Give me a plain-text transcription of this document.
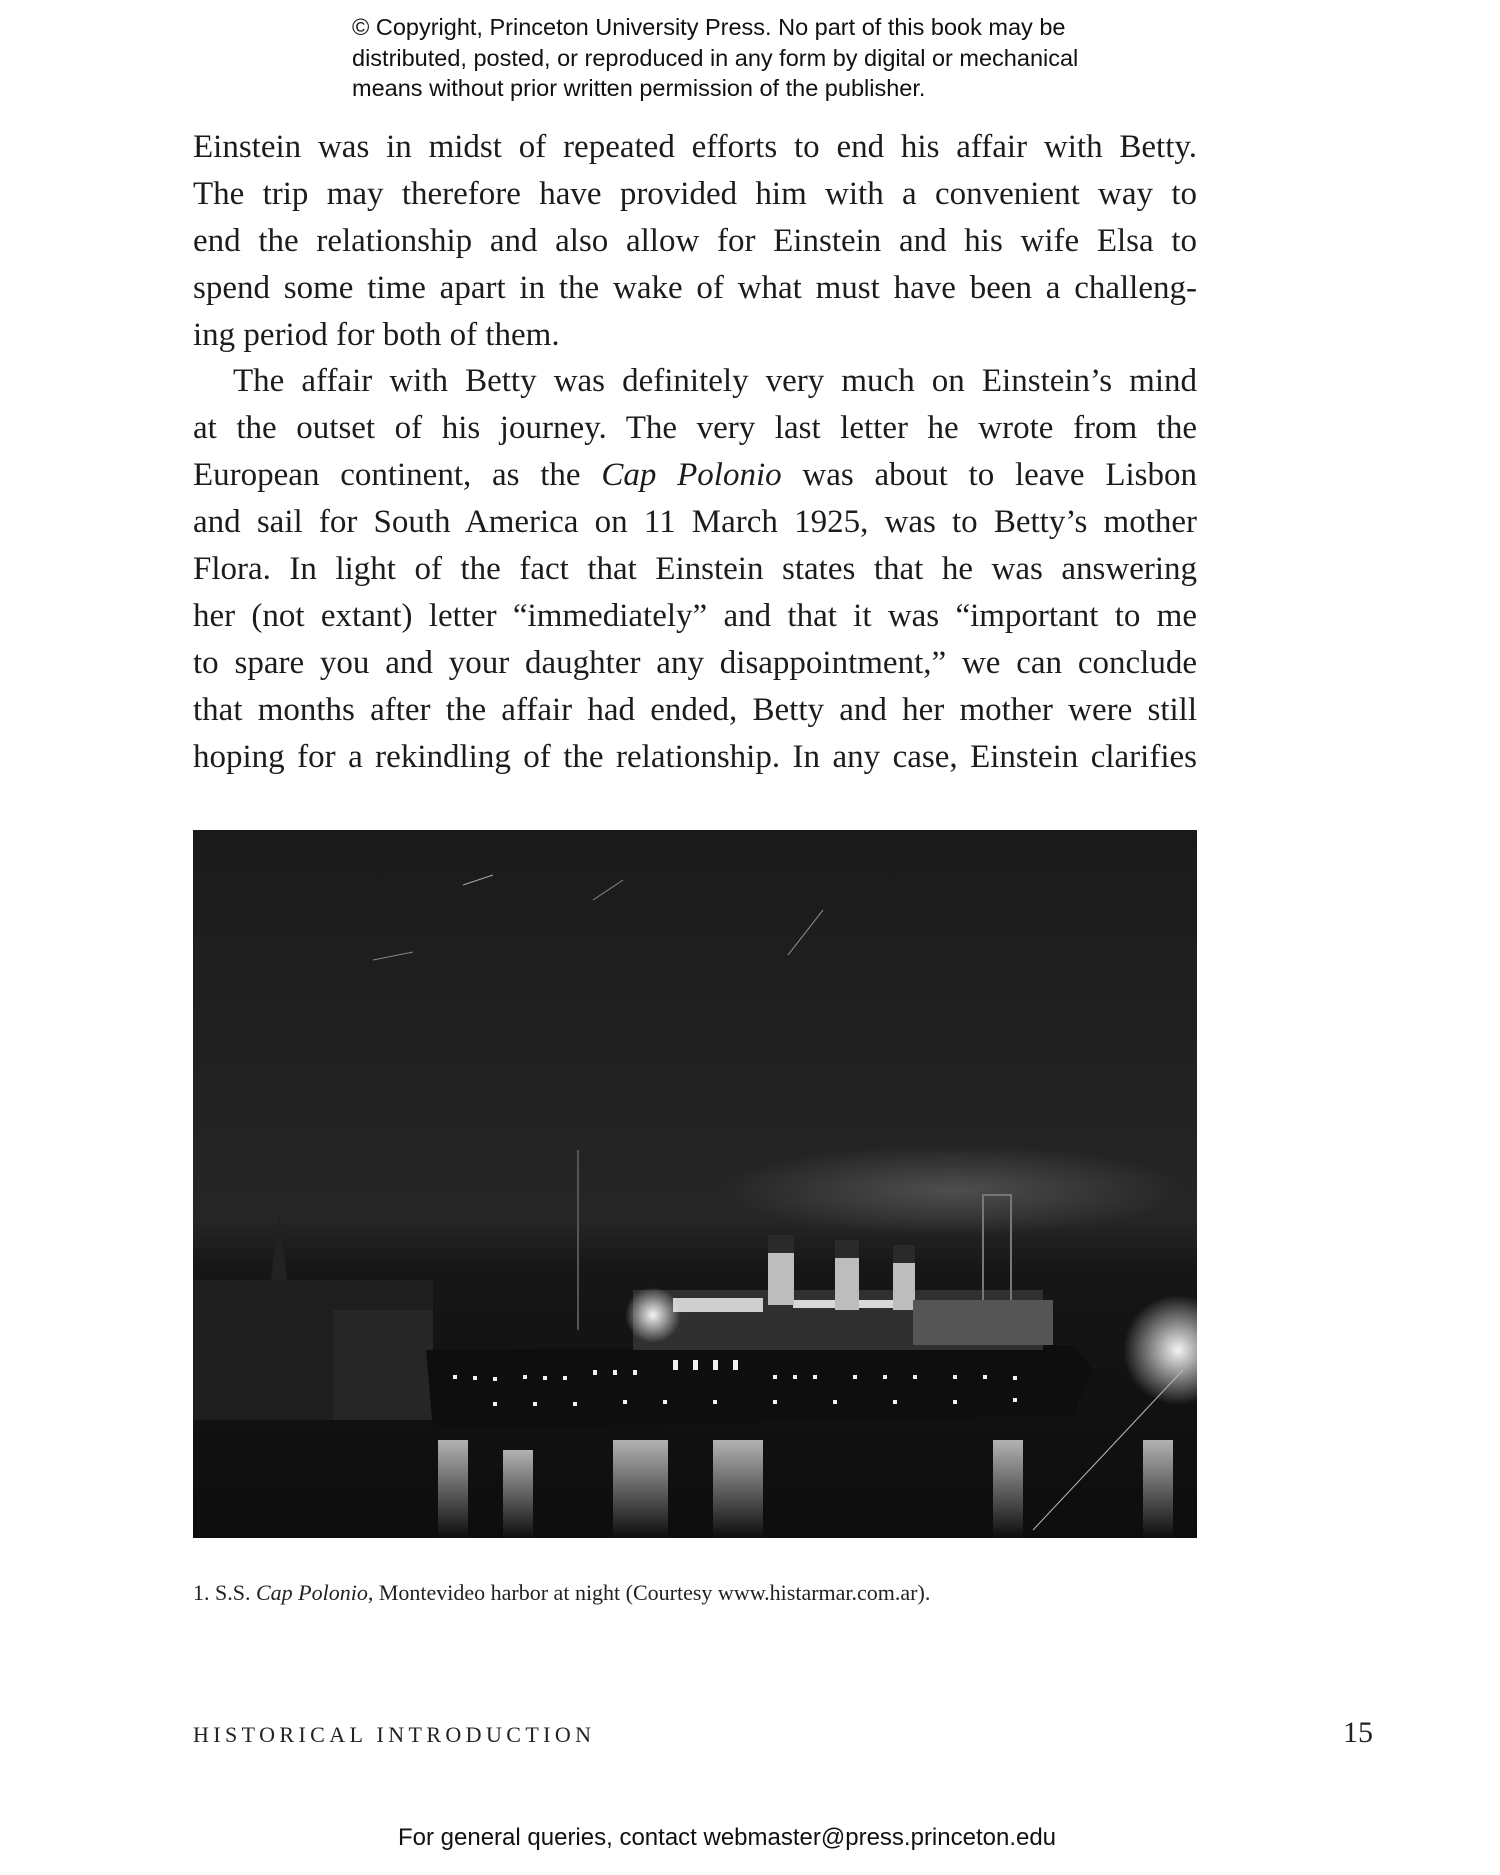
© Copyright, Princeton University Press. No part of this book may be
distributed, posted, or reproduced in any form by digital or mechanical
means without prior written permission of the publisher.
Einstein was in midst of repeated efforts to end his affair with Betty.
The trip may therefore have provided him with a convenient way to
end the relationship and also allow for Einstein and his wife Elsa to
spend some time apart in the wake of what must have been a challeng-
ing period for both of them.
The affair with Betty was definitely very much on Einstein’s mind
at the outset of his journey. The very last letter he wrote from the
European continent, as the Cap Polonio was about to leave Lisbon
and sail for South America on 11 March 1925, was to Betty’s mother
Flora. In light of the fact that Einstein states that he was answering
her (not extant) letter “immediately” and that it was “important to me
to spare you and your daughter any disappointment,” we can conclude
that months after the affair had ended, Betty and her mother were still
hoping for a rekindling of the relationship. In any case, Einstein clarifies
1. S.S. Cap Polonio, Montevideo harbor at night (Courtesy www.histarmar.com.ar).
HISTORICAL INTRODUCTION	15
For general queries, contact webmaster@press.princeton.edu
